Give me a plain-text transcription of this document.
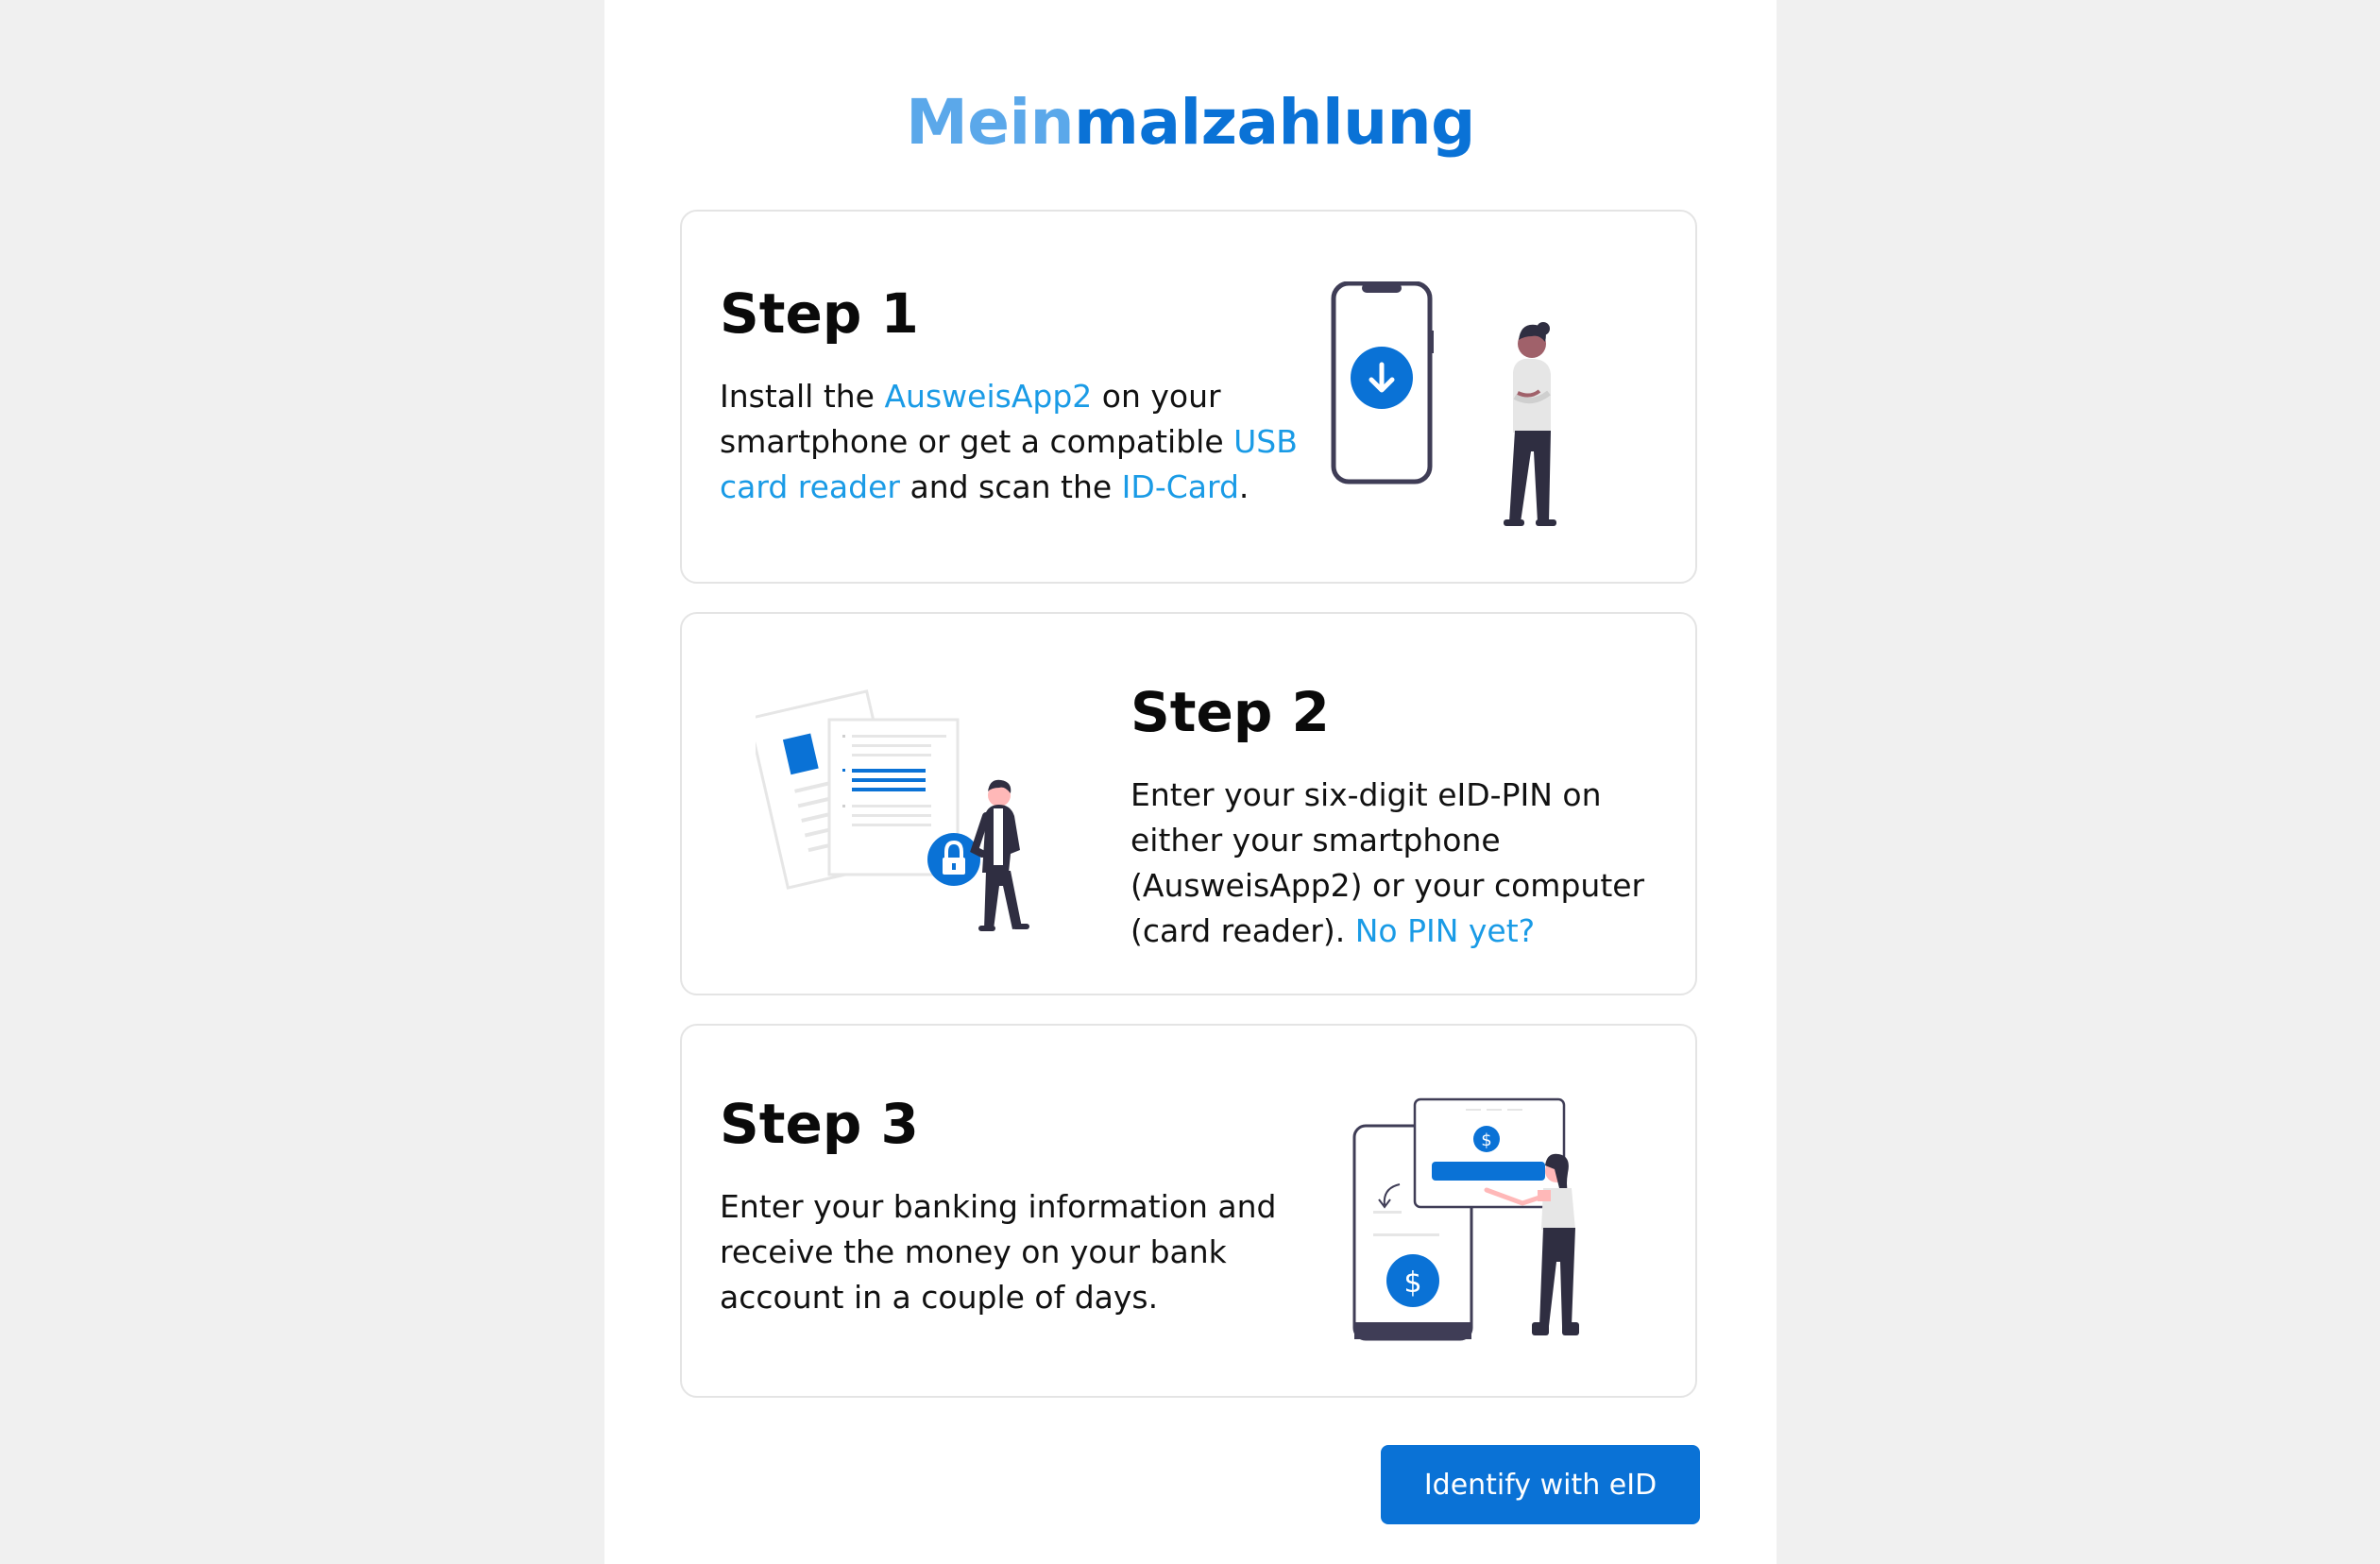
Meinmalzahlung
Step 1

Install the AusweisApp2 on your smartphone or get a compatible USB card reader and scan the ID-Card.

Step 2

Enter your six-digit eID-PIN on either your smartphone (AusweisApp2) or your computer (card reader). No PIN yet?

Step 3

Enter your banking information and receive the money on your bank account in a couple of days.	$
$
Identify with eID
